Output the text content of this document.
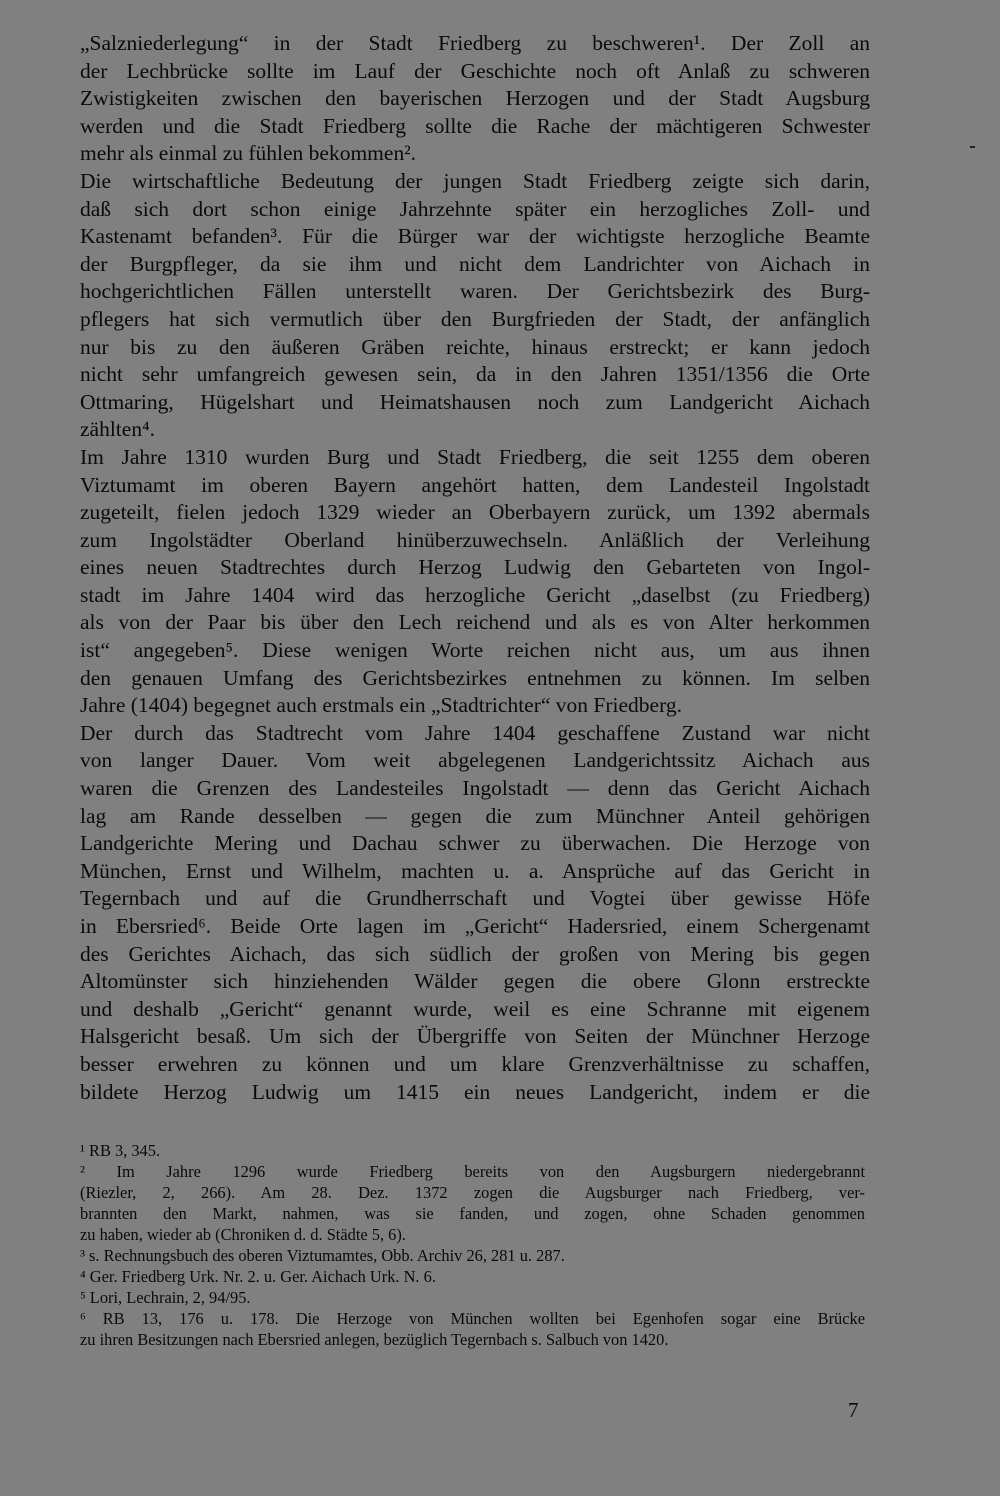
„Salzniederlegung“ in der Stadt Friedberg zu beschweren¹. Der Zoll an
der Lechbrücke sollte im Lauf der Geschichte noch oft Anlaß zu schweren
Zwistigkeiten zwischen den bayerischen Herzogen und der Stadt Augsburg
werden und die Stadt Friedberg sollte die Rache der mächtigeren Schwester
mehr als einmal zu fühlen bekommen².
Die wirtschaftliche Bedeutung der jungen Stadt Friedberg zeigte sich darin,
daß sich dort schon einige Jahrzehnte später ein herzogliches Zoll- und
Kastenamt befanden³. Für die Bürger war der wichtigste herzogliche Beamte
der Burgpfleger, da sie ihm und nicht dem Landrichter von Aichach in
hochgerichtlichen Fällen unterstellt waren. Der Gerichtsbezirk des Burg-
pflegers hat sich vermutlich über den Burgfrieden der Stadt, der anfänglich
nur bis zu den äußeren Gräben reichte, hinaus erstreckt; er kann jedoch
nicht sehr umfangreich gewesen sein, da in den Jahren 1351/1356 die Orte
Ottmaring, Hügelshart und Heimatshausen noch zum Landgericht Aichach
zählten⁴.
Im Jahre 1310 wurden Burg und Stadt Friedberg, die seit 1255 dem oberen
Viztumamt im oberen Bayern angehört hatten, dem Landesteil Ingolstadt
zugeteilt, fielen jedoch 1329 wieder an Oberbayern zurück, um 1392 abermals
zum Ingolstädter Oberland hinüberzuwechseln. Anläßlich der Verleihung
eines neuen Stadtrechtes durch Herzog Ludwig den Gebarteten von Ingol-
stadt im Jahre 1404 wird das herzogliche Gericht „daselbst (zu Friedberg)
als von der Paar bis über den Lech reichend und als es von Alter herkommen
ist“ angegeben⁵. Diese wenigen Worte reichen nicht aus, um aus ihnen
den genauen Umfang des Gerichtsbezirkes entnehmen zu können. Im selben
Jahre (1404) begegnet auch erstmals ein „Stadtrichter“ von Friedberg.
Der durch das Stadtrecht vom Jahre 1404 geschaffene Zustand war nicht
von langer Dauer. Vom weit abgelegenen Landgerichtssitz Aichach aus
waren die Grenzen des Landesteiles Ingolstadt — denn das Gericht Aichach
lag am Rande desselben — gegen die zum Münchner Anteil gehörigen
Landgerichte Mering und Dachau schwer zu überwachen. Die Herzoge von
München, Ernst und Wilhelm, machten u. a. Ansprüche auf das Gericht in
Tegernbach und auf die Grundherrschaft und Vogtei über gewisse Höfe
in Ebersried⁶. Beide Orte lagen im „Gericht“ Hadersried, einem Schergenamt
des Gerichtes Aichach, das sich südlich der großen von Mering bis gegen
Altomünster sich hinziehenden Wälder gegen die obere Glonn erstreckte
und deshalb „Gericht“ genannt wurde, weil es eine Schranne mit eigenem
Halsgericht besaß. Um sich der Übergriffe von Seiten der Münchner Herzoge
besser erwehren zu können und um klare Grenzverhältnisse zu schaffen,
bildete Herzog Ludwig um 1415 ein neues Landgericht, indem er die
¹ RB 3, 345.
² Im Jahre 1296 wurde Friedberg bereits von den Augsburgern niedergebrannt
(Riezler, 2, 266). Am 28. Dez. 1372 zogen die Augsburger nach Friedberg, ver-
brannten den Markt, nahmen, was sie fanden, und zogen, ohne Schaden genommen
zu haben, wieder ab (Chroniken d. d. Städte 5, 6).
³ s. Rechnungsbuch des oberen Viztumamtes, Obb. Archiv 26, 281 u. 287.
⁴ Ger. Friedberg Urk. Nr. 2. u. Ger. Aichach Urk. N. 6.
⁵ Lori, Lechrain, 2, 94/95.
⁶ RB 13, 176 u. 178. Die Herzoge von München wollten bei Egenhofen sogar eine Brücke
zu ihren Besitzungen nach Ebersried anlegen, bezüglich Tegernbach s. Salbuch von 1420.
7
